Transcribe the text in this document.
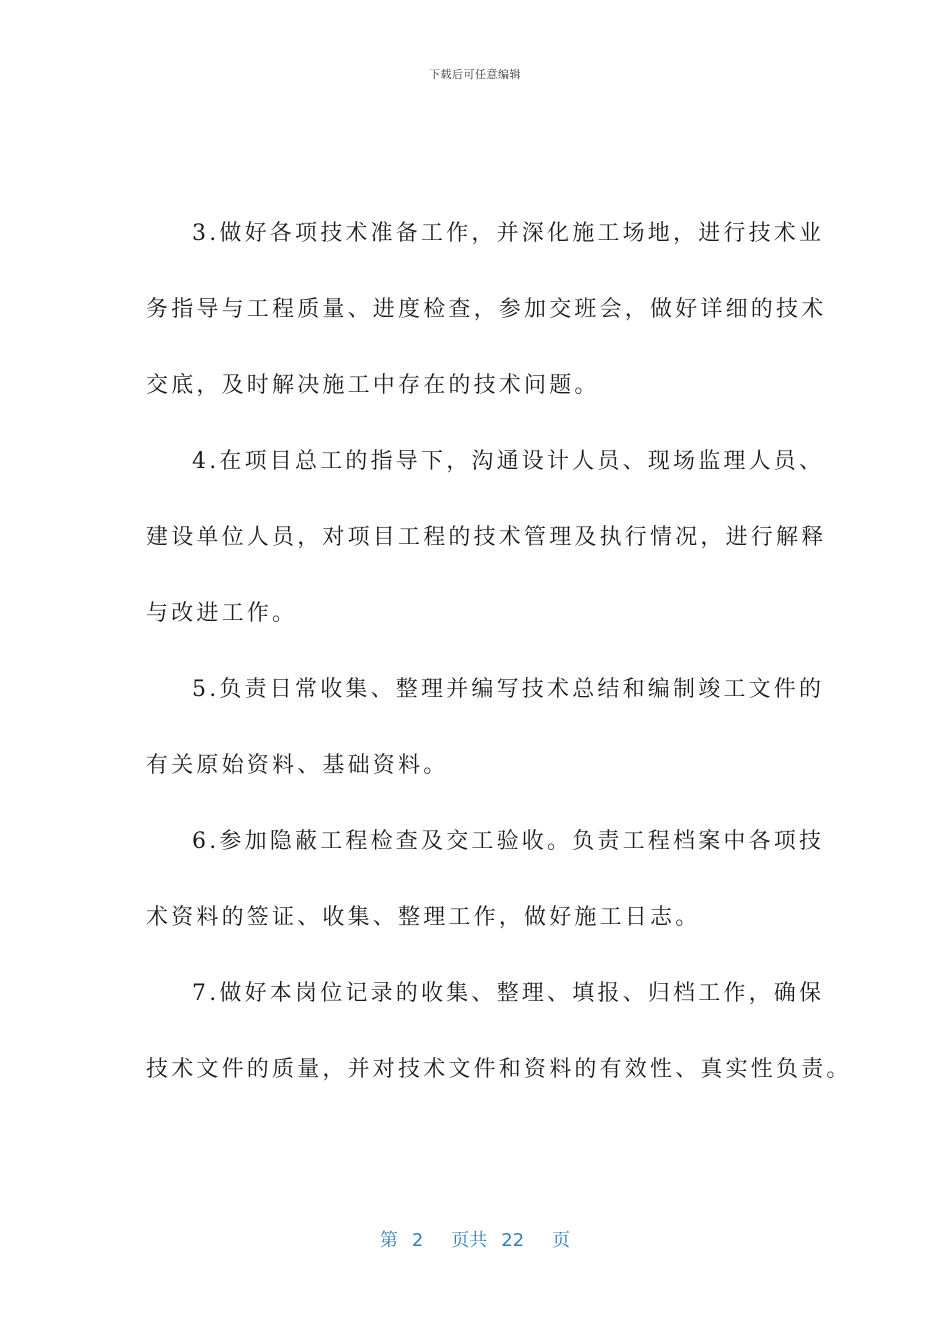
下载后可任意编辑
3.做好各项技术准备工作，并深化施工场地，进行技术业
务指导与工程质量、进度检查，参加交班会，做好详细的技术
交底，及时解决施工中存在的技术问题。
4.在项目总工的指导下，沟通设计人员、现场监理人员、
建设单位人员，对项目工程的技术管理及执行情况，进行解释
与改进工作。
5.负责日常收集、整理并编写技术总结和编制竣工文件的
有关原始资料、基础资料。
6.参加隐蔽工程检查及交工验收。负责工程档案中各项技
术资料的签证、收集、整理工作，做好施工日志。
7.做好本岗位记录的收集、整理、填报、归档工作，确保
技术文件的质量，并对技术文件和资料的有效性、真实性负责。
第 2 页共 22 页
